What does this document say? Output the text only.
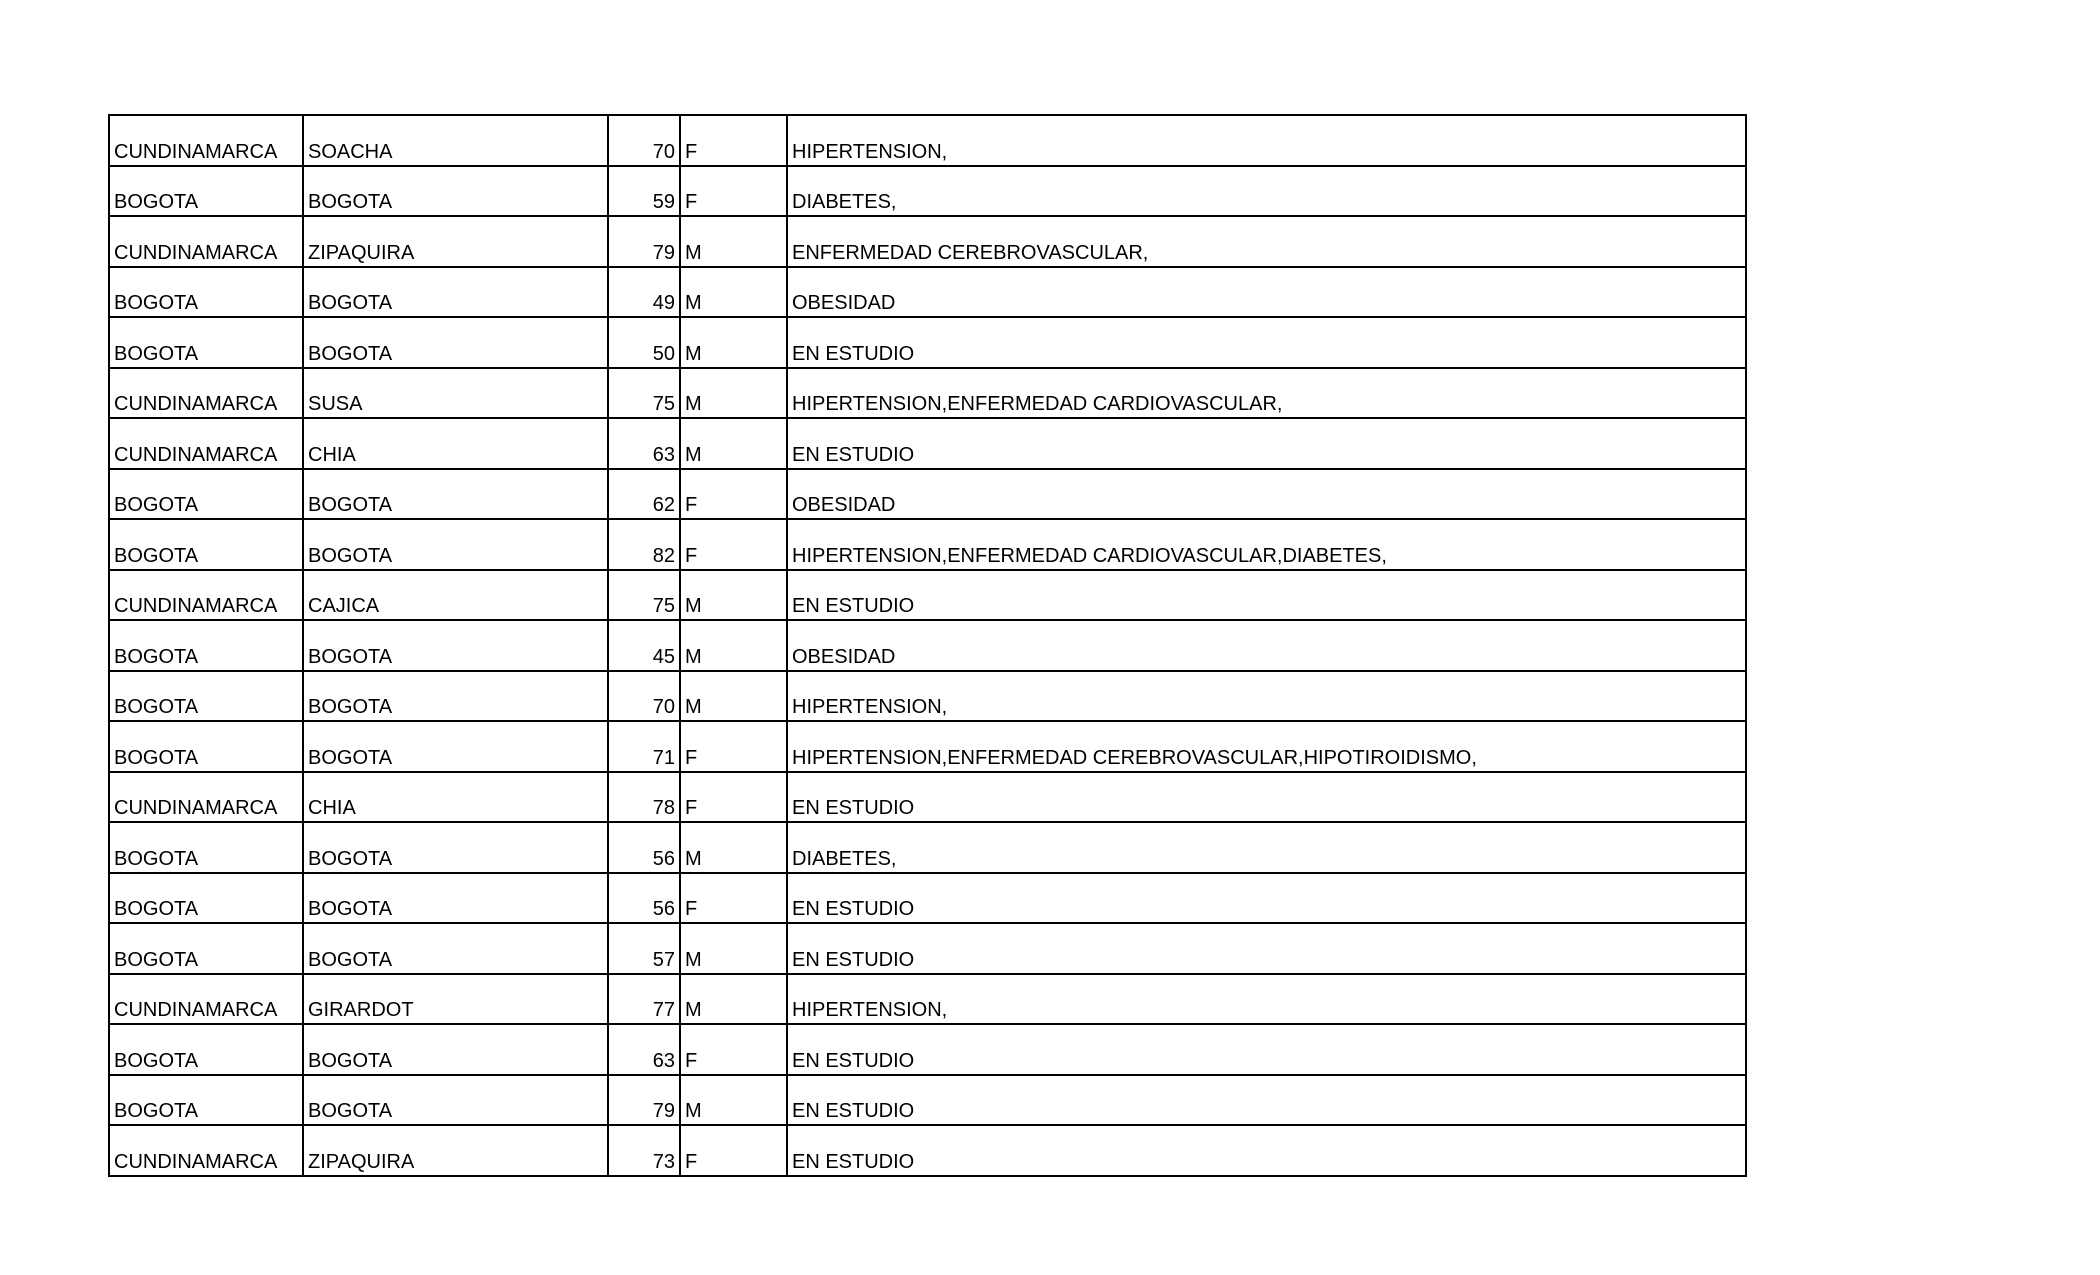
CUNDINAMARCA	SOACHA	70	F	HIPERTENSION,
BOGOTA	BOGOTA	59	F	DIABETES,
CUNDINAMARCA	ZIPAQUIRA	79	M	ENFERMEDAD CEREBROVASCULAR,
BOGOTA	BOGOTA	49	M	OBESIDAD
BOGOTA	BOGOTA	50	M	EN ESTUDIO
CUNDINAMARCA	SUSA	75	M	HIPERTENSION,ENFERMEDAD CARDIOVASCULAR,
CUNDINAMARCA	CHIA	63	M	EN ESTUDIO
BOGOTA	BOGOTA	62	F	OBESIDAD
BOGOTA	BOGOTA	82	F	HIPERTENSION,ENFERMEDAD CARDIOVASCULAR,DIABETES,
CUNDINAMARCA	CAJICA	75	M	EN ESTUDIO
BOGOTA	BOGOTA	45	M	OBESIDAD
BOGOTA	BOGOTA	70	M	HIPERTENSION,
BOGOTA	BOGOTA	71	F	HIPERTENSION,ENFERMEDAD CEREBROVASCULAR,HIPOTIROIDISMO,
CUNDINAMARCA	CHIA	78	F	EN ESTUDIO
BOGOTA	BOGOTA	56	M	DIABETES,
BOGOTA	BOGOTA	56	F	EN ESTUDIO
BOGOTA	BOGOTA	57	M	EN ESTUDIO
CUNDINAMARCA	GIRARDOT	77	M	HIPERTENSION,
BOGOTA	BOGOTA	63	F	EN ESTUDIO
BOGOTA	BOGOTA	79	M	EN ESTUDIO
CUNDINAMARCA	ZIPAQUIRA	73	F	EN ESTUDIO
